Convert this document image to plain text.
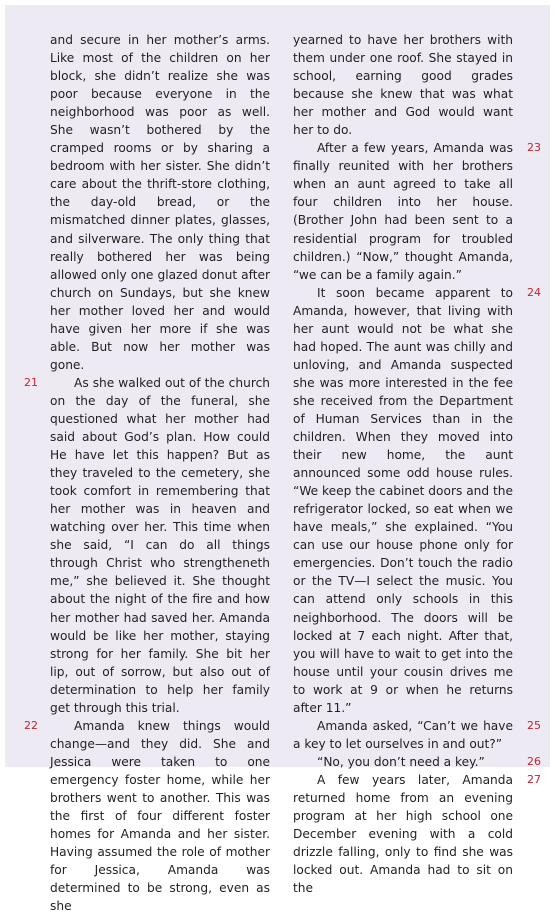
and secure in her mother’s arms. Like most of the children on her block, she didn’t realize she was poor because everyone in the neighborhood was poor as well. She wasn’t bothered by the cramped rooms or by sharing a bedroom with her sister. She didn’t care about the thrift-store clothing, the day-old bread, or the mismatched dinner plates, glasses, and silverware. The only thing that really bothered her was being allowed only one glazed donut after church on Sundays, but she knew her mother loved her and would have given her more if she was able. But now her mother was gone.

21	As she walked out of the church on the day of the funeral, she questioned what her mother had said about God’s plan. How could He have let this happen? But as they traveled to the cemetery, she took comfort in remembering that her mother was in heaven and watching over her. This time when she said, “I can do all things through Christ who strengtheneth me,” she believed it. She thought about the night of the fire and how her mother had saved her. Amanda would be like her mother, staying strong for her family. She bit her lip, out of sorrow, but also out of determination to help her family get through this trial.

22	Amanda knew things would change—and they did. She and Jessica were taken to one emergency foster home, while her brothers went to another. This was the first of four different foster homes for Amanda and her sister. Having assumed the role of mother for Jessica, Amanda was determined to be strong, even as she

yearned to have her brothers with them under one roof. She stayed in school, earning good grades because she knew that was what her mother and God would want her to do.

23
After a few years, Amanda was finally reunited with her brothers when an aunt agreed to take all four children into her house. (Brother John had been sent to a residential program for troubled children.) “Now,” thought Amanda, “we can be a family again.”

24
It soon became apparent to Amanda, however, that living with her aunt would not be what she had hoped. The aunt was chilly and unloving, and Amanda suspected she was more interested in the fee she received from the Department of Human Services than in the children. When they moved into their new home, the aunt announced some odd house rules. “We keep the cabinet doors and the refrigerator locked, so eat when we have meals,” she explained. “You can use our house phone only for emergencies. Don’t touch the radio or the TV—I select the music. You can attend only schools in this neighborhood. The doors will be locked at 7 each night. After that, you will have to wait to get into the house until your cousin drives me to work at 9 or when he returns after 11.”

25
Amanda asked, “Can’t we have a key to let ourselves in and out?”

26
“No, you don’t need a key.”

27
A few years later, Amanda returned home from an evening program at her high school one December evening with a cold drizzle falling, only to find she was locked out. Amanda had to sit on the
